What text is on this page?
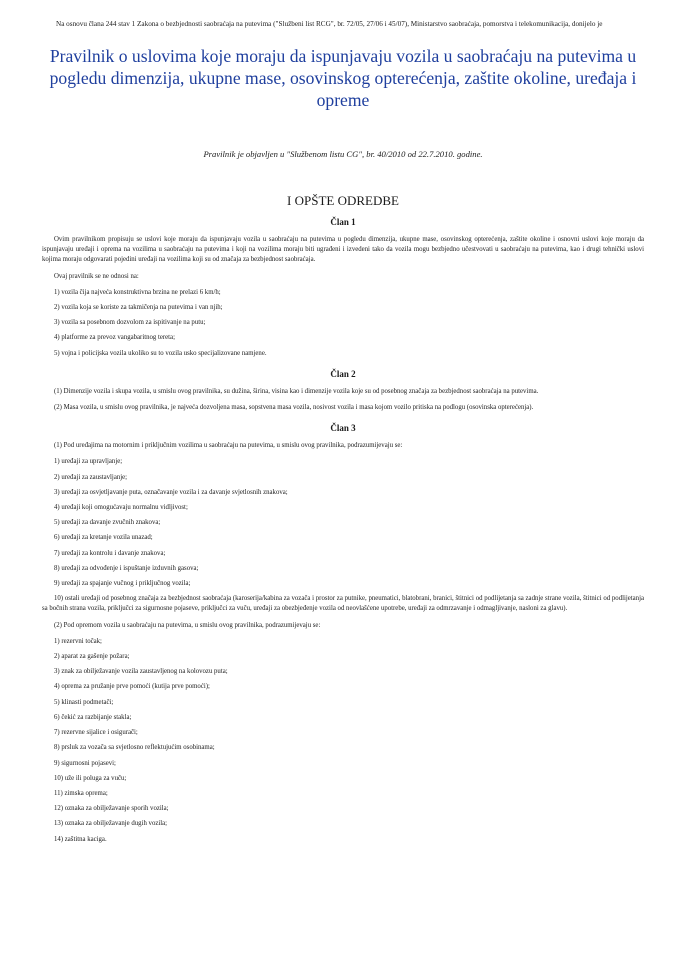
Na osnovu člana 244 stav 1 Zakona o bezbjednosti saobraćaja na putevima ("Službeni list RCG", br. 72/05, 27/06 i 45/07), Ministarstvo saobraćaja, pomorstva i telekomunikacija, donijelo je

Pravilnik o uslovima koje moraju da ispunjavaju vozila u saobraćaju na putevima u pogledu dimenzija, ukupne mase, osovinskog opterećenja, zaštite okoline, uređaja i opreme

Pravilnik je objavljen u "Službenom listu CG", br. 40/2010 od 22.7.2010. godine.

I OPŠTE ODREDBE
Član 1

Ovim pravilnikom propisuju se uslovi koje moraju da ispunjavaju vozila u saobraćaju na putevima u pogledu dimenzija, ukupne mase, osovinskog opterećenja, zaštite okoline i osnovni uslovi koje moraju da ispunjavaju uređaji i oprema na vozilima u saobraćaju na putevima i koji na vozilima moraju biti ugrađeni i izvedeni tako da vozila mogu bezbjedno učestvovati u saobraćaju na putevima, kao i drugi tehnički uslovi kojima moraju odgovarati pojedini uređaji na vozilima koji su od značaja za bezbjednost saobraćaja.

Ovaj pravilnik se ne odnosi na:

1) vozila čija najveća konstruktivna brzina ne prelazi 6 km/h;

2) vozila koja se koriste za takmičenja na putevima i van njih;

3) vozila sa posebnom dozvolom za ispitivanje na putu;

4) platforme za prevoz vangabaritnog tereta;

5) vojna i policijska vozila ukoliko su to vozila usko specijalizovane namjene.

Član 2

(1) Dimenzije vozila i skupa vozila, u smislu ovog pravilnika, su dužina, širina, visina kao i dimenzije vozila koje su od posebnog značaja za bezbjednost saobraćaja na putevima.

(2) Masa vozila, u smislu ovog pravilnika, je najveća dozvoljena masa, sopstvena masa vozila, nosivost vozila i masa kojom vozilo pritiska na podlogu (osovinska opterećenja).

Član 3

(1) Pod uređajima na motornim i priključnim vozilima u saobraćaju na putevima, u smislu ovog pravilnika, podrazumijevaju se:

1) uređaji za upravljanje;

2) uređaji za zaustavljanje;

3) uređaji za osvjetljavanje puta, označavanje vozila i za davanje svjetlosnih znakova;

4) uređaji koji omogućavaju normalnu vidljivost;

5) uređaji za davanje zvučnih znakova;

6) uređaji za kretanje vozila unazad;

7) uređaji za kontrolu i davanje znakova;

8) uređaji za odvođenje i ispuštanje izduvnih gasova;

9) uređaji za spajanje vučnog i priključnog vozila;

10) ostali uređaji od posebnog značaja za bezbjednost saobraćaja (karoserija/kabina za vozača i prostor za putnike, pneumatici, blatobrani, branici, štitnici od podlijetanja sa zadnje strane vozila, štitnici od podlijetanja sa bočnih strana vozila, priključci za sigurnosne pojaseve, priključci za vuču, uređaji za obezbjeđenje vozila od neovlašćene upotrebe, uređaji za odmrzavanje i odmagljivanje, nasloni za glavu).

(2) Pod opremom vozila u saobraćaju na putevima, u smislu ovog pravilnika, podrazumijevaju se:

1) rezervni točak;

2) aparat za gašenje požara;

3) znak za obilježavanje vozila zaustavljenog na kolovozu puta;

4) oprema za pružanje prve pomoći (kutija prve pomoći);

5) klinasti podmetači;

6) čekić za razbijanje stakla;

7) rezervne sijalice i osigurači;

8) prsluk za vozača sa svjetlosno reflektujućim osobinama;

9) sigurnosni pojasevi;

10) uže ili poluga za vuču;

11) zimska oprema;

12) oznaka za obilježavanje sporih vozila;

13) oznaka za obilježavanje dugih vozila;

14) zaštitna kaciga.
